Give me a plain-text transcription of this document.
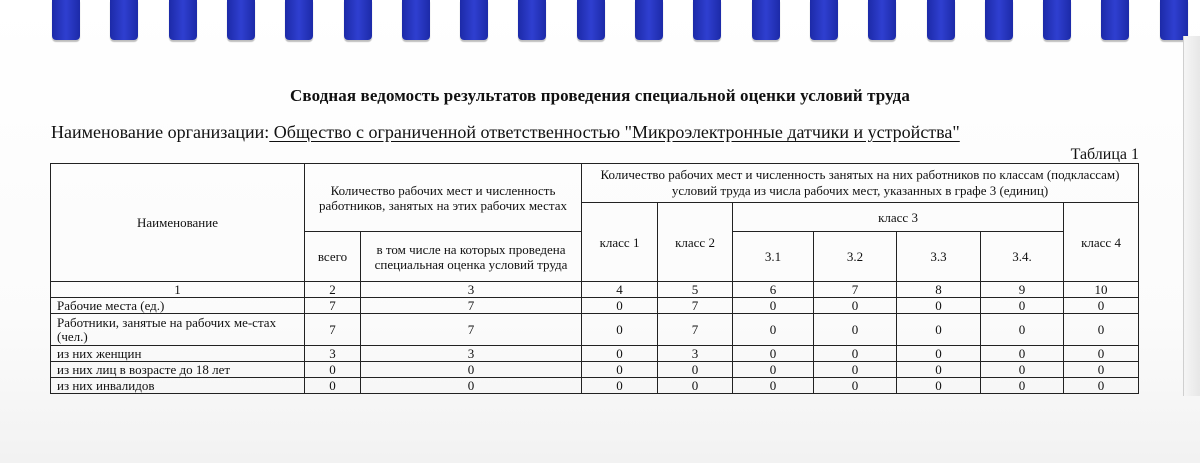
Сводная ведомость результатов проведения специальной оценки условий труда
Наименование организации: Общество с ограниченной ответственностью "Микроэлектронные датчики и устройства"
Таблица 1
Наименование	Количество рабочих мест и численность работников, занятых на этих рабочих местах		Количество рабочих мест и численность занятых на них работников по классам (подклассам) условий труда из числа рабочих мест, указанных в графе 3 (единиц)						
			класс 1	класс 2	класс 3				класс 4
	всего	в том числе на которых проведена специальная оценка условий труда			3.1	3.2	3.3	3.4.	
1	2	3	4	5	6	7	8	9	10
Рабочие места (ед.)	7	7	0	7	0	0	0	0	0
Работники, занятые на рабочих ме-стах (чел.)	7	7	0	7	0	0	0	0	0
из них женщин	3	3	0	3	0	0	0	0	0
из них лиц в возрасте до 18 лет	0	0	0	0	0	0	0	0	0
из них инвалидов	0	0	0	0	0	0	0	0	0
